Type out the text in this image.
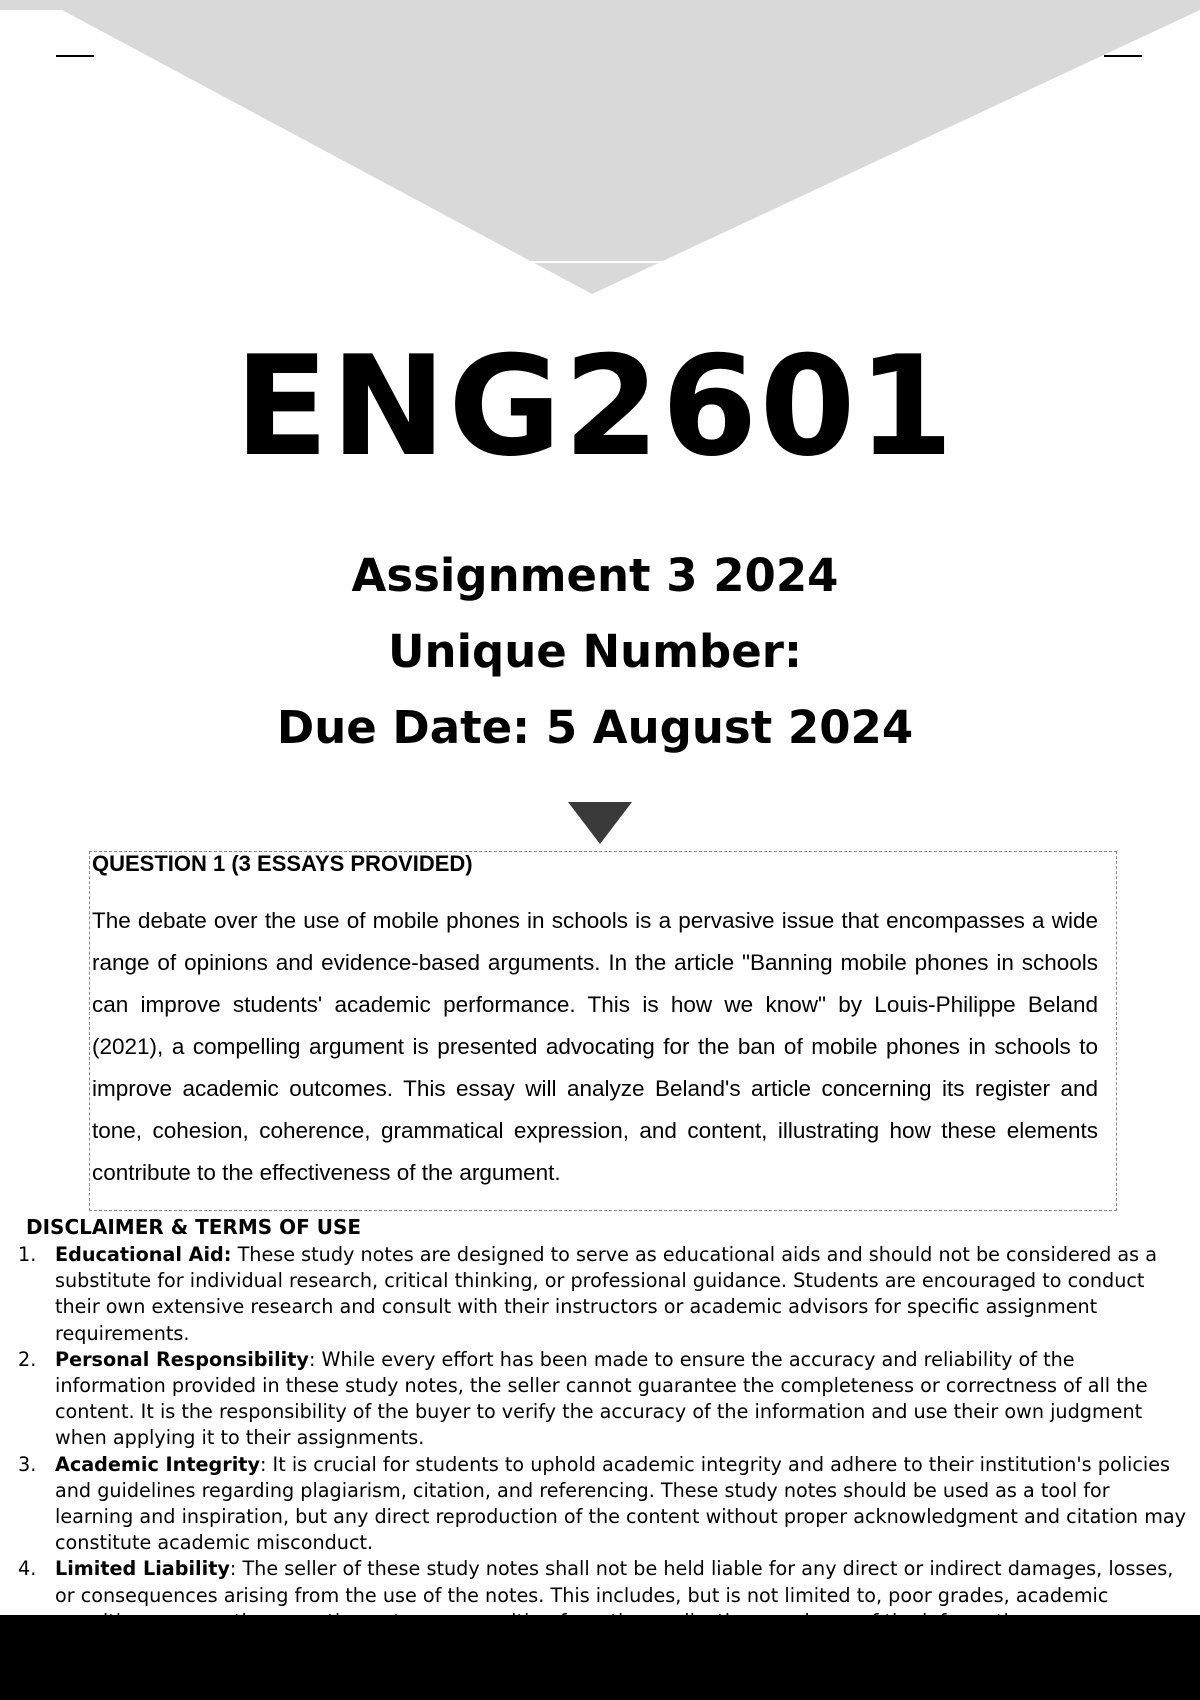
ENG2601
Assignment 3 2024
Unique Number:
Due Date: 5 August 2024
QUESTION 1 (3 ESSAYS PROVIDED)

The debate over the use of mobile phones in schools is a pervasive issue that encompasses a wide range of opinions and evidence-based arguments. In the article "Banning mobile phones in schools can improve students' academic performance. This is how we know" by Louis-Philippe Beland (2021), a compelling argument is presented advocating for the ban of mobile phones in schools to improve academic outcomes. This essay will analyze Beland's article concerning its register and tone, cohesion, coherence, grammatical expression, and content, illustrating how these elements contribute to the effectiveness of the argument.

DISCLAIMER & TERMS OF USE
1. Educational Aid: These study notes are designed to serve as educational aids and should not be considered as a substitute for individual research, critical thinking, or professional guidance. Students are encouraged to conduct their own extensive research and consult with their instructors or academic advisors for specific assignment requirements.
2. Personal Responsibility: While every effort has been made to ensure the accuracy and reliability of the information provided in these study notes, the seller cannot guarantee the completeness or correctness of all the content. It is the responsibility of the buyer to verify the accuracy of the information and use their own judgment when applying it to their assignments.
3. Academic Integrity: It is crucial for students to uphold academic integrity and adhere to their institution's policies and guidelines regarding plagiarism, citation, and referencing. These study notes should be used as a tool for learning and inspiration, but any direct reproduction of the content without proper acknowledgment and citation may constitute academic misconduct.
4. Limited Liability: The seller of these study notes shall not be held liable for any direct or indirect damages, losses, or consequences arising from the use of the notes. This includes, but is not limited to, poor grades, academic
